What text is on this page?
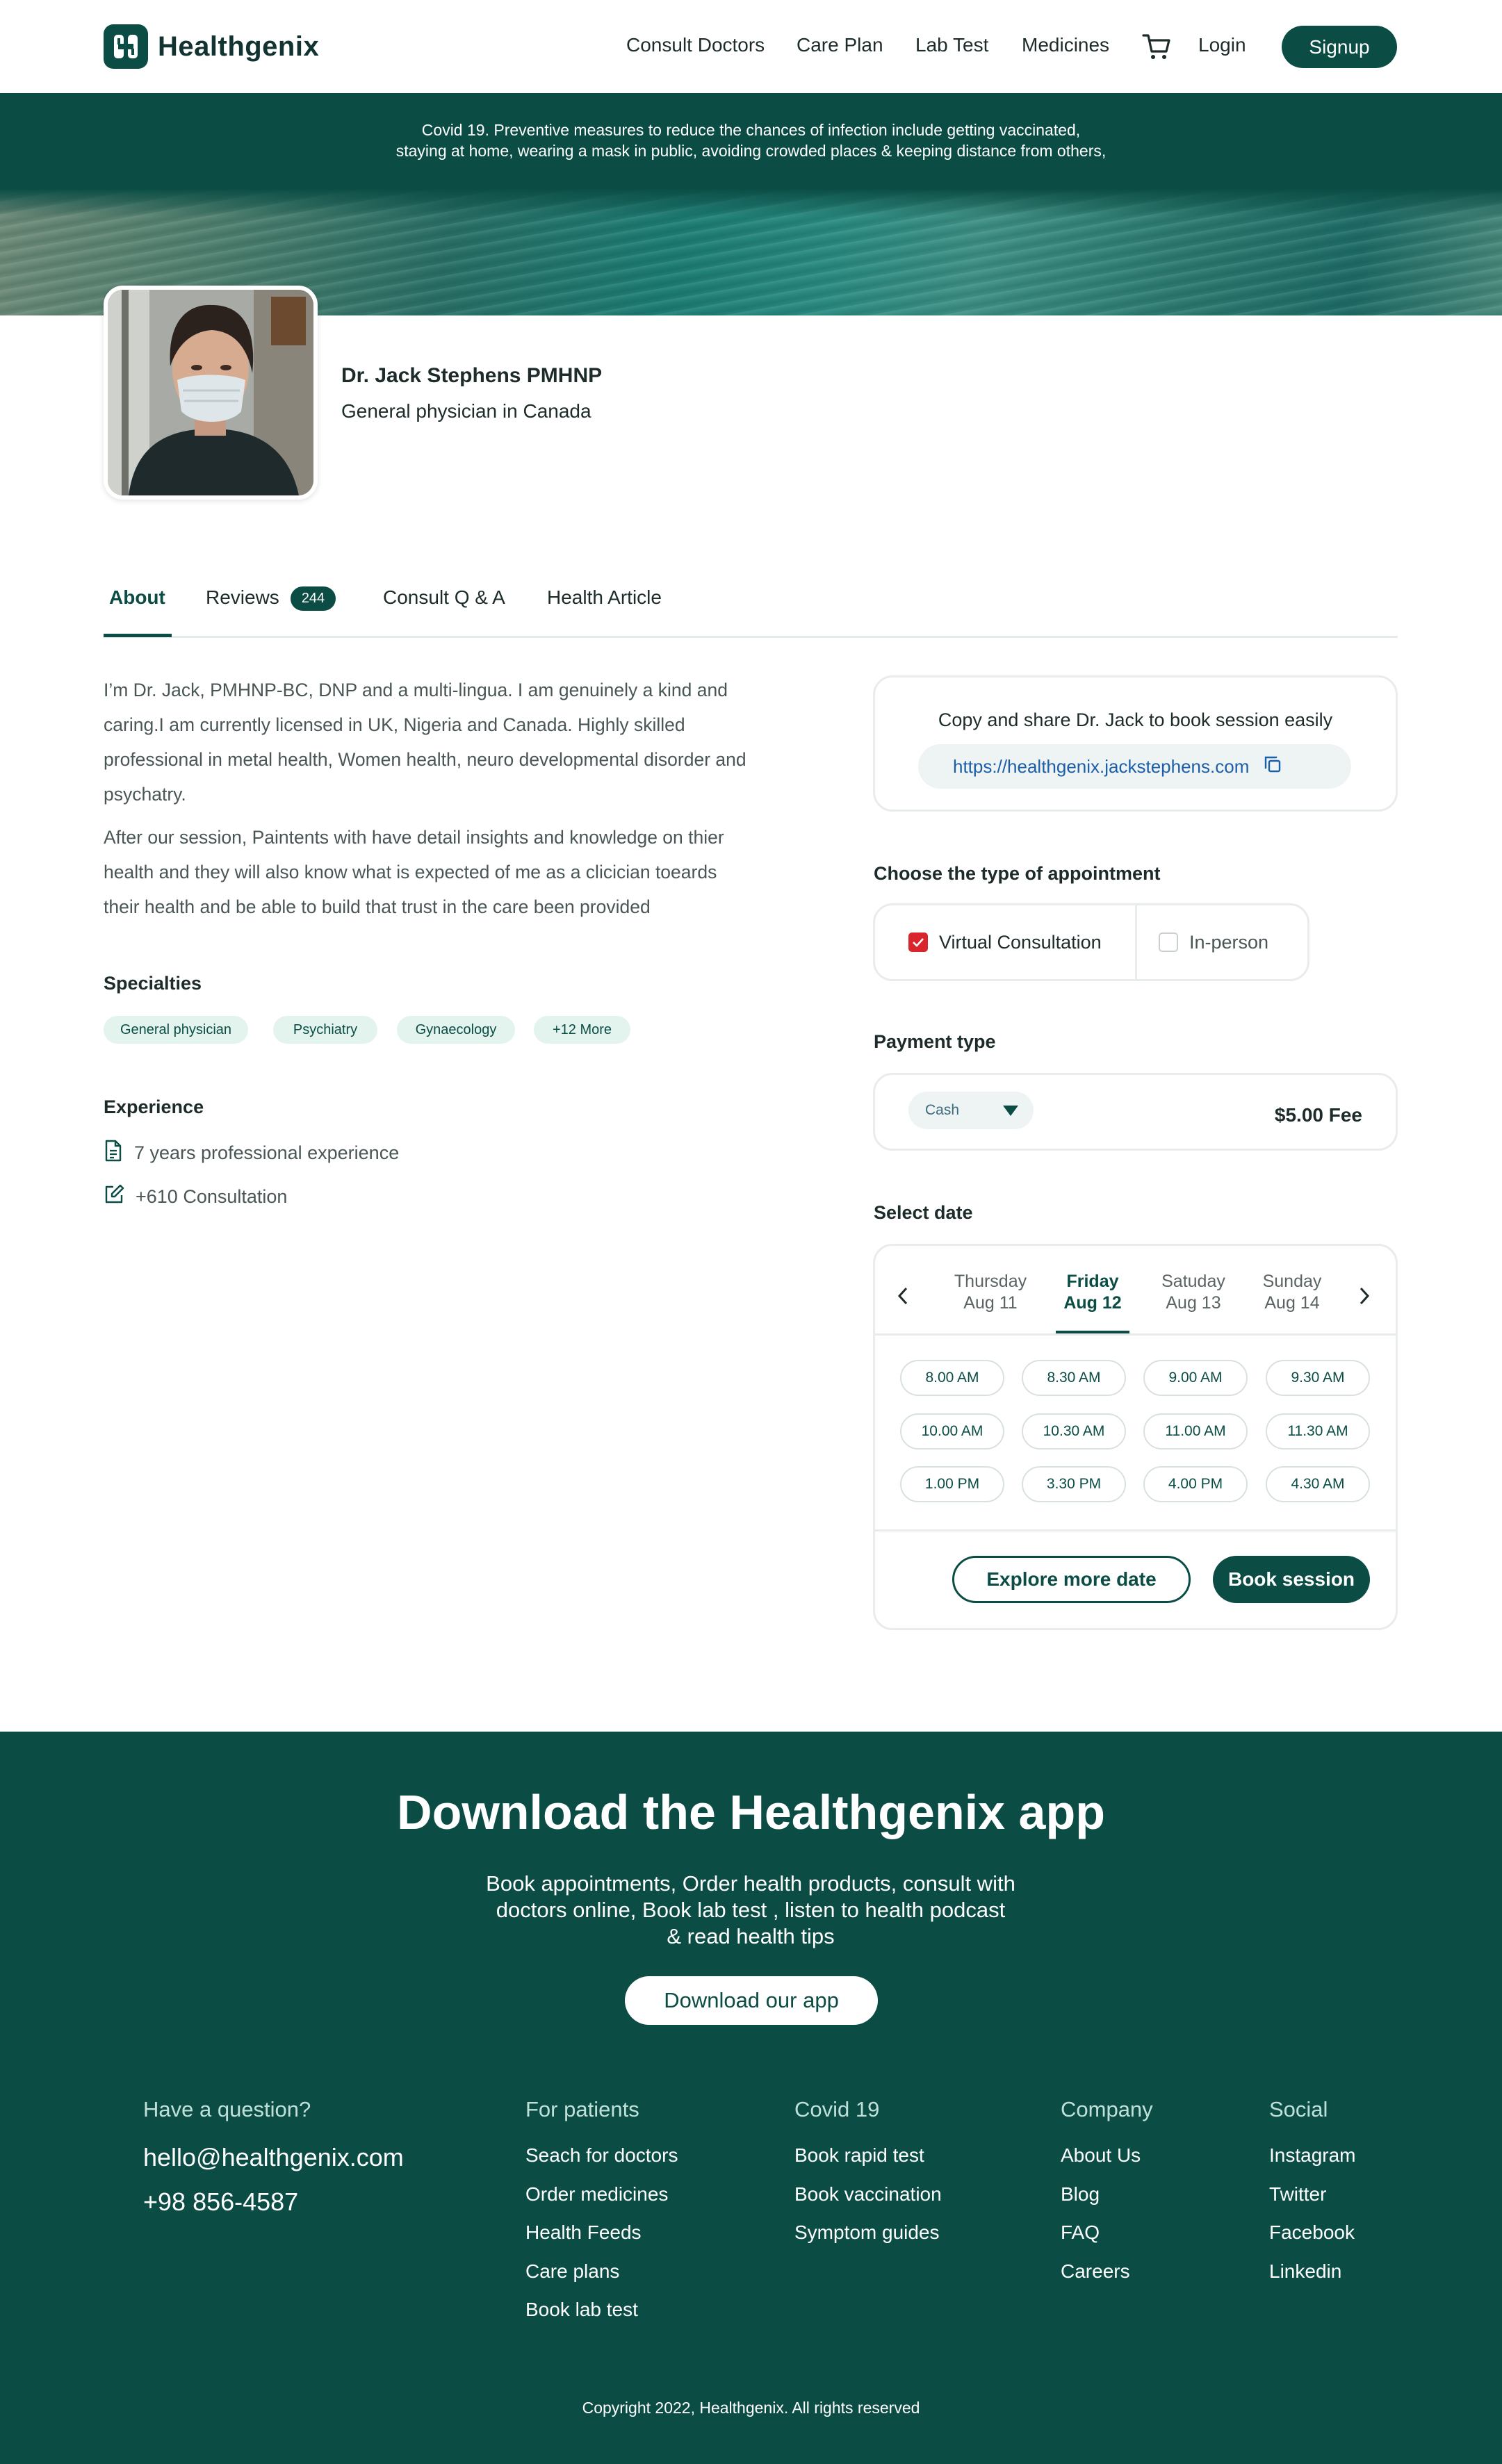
Healthgenix	Consult Doctors Care Plan Lab Test Medicines	Login	Signup
Covid 19. Preventive measures to reduce the chances of infection include getting vaccinated,
staying at home, wearing a mask in public, avoiding crowded places & keeping distance from others,
Dr. Jack Stephens PMHNP
General physician in Canada
About Reviews 244	Consult Q & A Health Article
I’m Dr. Jack, PMHNP-BC, DNP and a multi-lingua. I am genuinely a kind and
caring.I am currently licensed in UK, Nigeria and Canada. Highly skilled
professional in metal health, Women health, neuro developmental disorder and
psychatry.
After our session, Paintents with have detail insights and knowledge on thier
health and they will also know what is expected of me as a clicician toeards
their health and be able to build that trust in the care been provided
Specialties
General physician	Psychiatry	Gynaecology	+12 More
Experience
7 years professional experience
+610 Consultation
Copy and share Dr. Jack to book session easily
https://healthgenix.jackstephens.com
Choose the type of appointment
Virtual Consultation	In-person
Payment type
Cash	$5.00 Fee
Select date
Thursday
Aug 11
Friday
Aug 12
Satuday
Aug 13
Sunday
Aug 14
8.00 AM	8.30 AM	9.00 AM	9.30 AM
10.00 AM	10.30 AM	11.00 AM	11.30 AM
1.00 PM	3.30 PM	4.00 PM	4.30 AM
Explore more date	Book session
Download the Healthgenix app
Book appointments, Order health products, consult with
doctors online, Book lab test , listen to health podcast
& read health tips
Download our app
Have a question?
hello@healthgenix.com
+98 856-4587
For patients
Seach for doctors
Order medicines
Health Feeds
Care plans
Book lab test
Covid 19
Book rapid test
Book vaccination
Symptom guides
Company
About Us
Blog
FAQ
Careers
Social
Instagram
Twitter
Facebook
Linkedin
Copyright 2022, Healthgenix. All rights reserved
